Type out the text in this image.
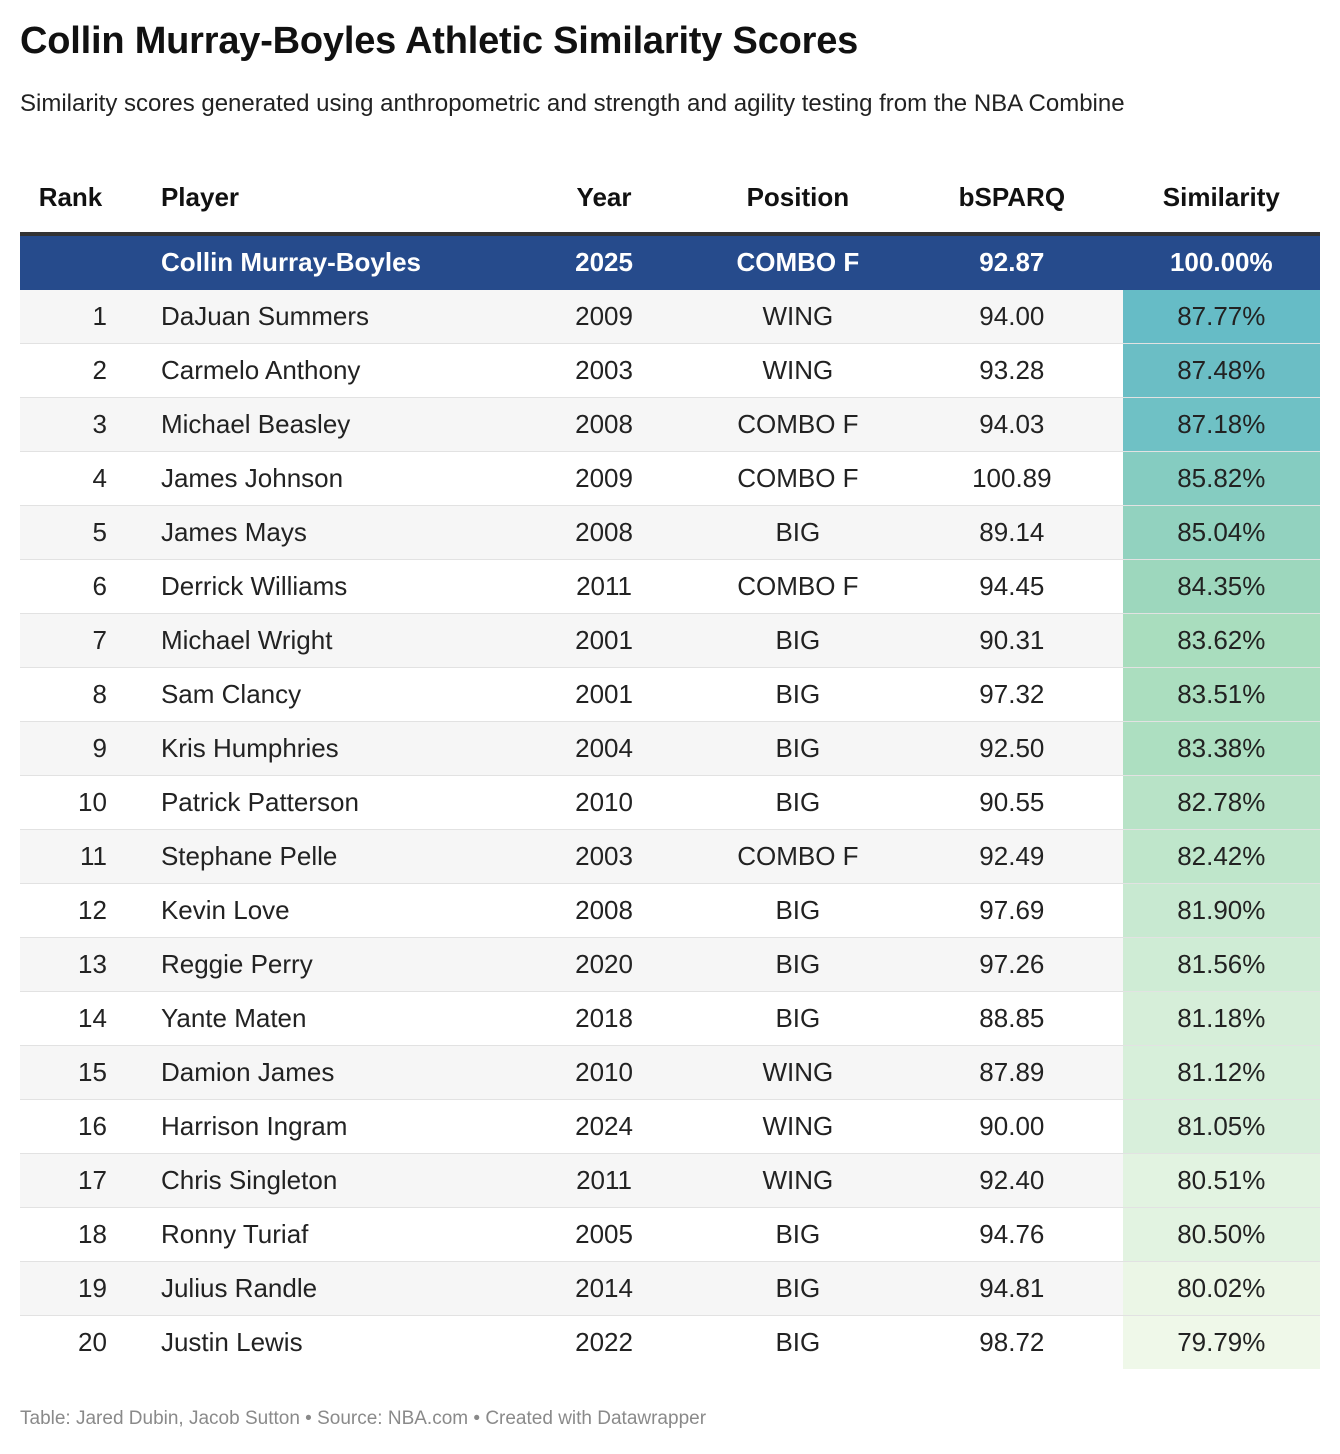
Collin Murray-Boyles Athletic Similarity Scores
Similarity scores generated using anthropometric and strength and agility testing from the NBA Combine
Rank	Player	Year	Position	bSPARQ	Similarity
	Collin Murray-Boyles	2025	COMBO F	92.87	100.00%
1	DaJuan Summers	2009	WING	94.00	87.77%
2	Carmelo Anthony	2003	WING	93.28	87.48%
3	Michael Beasley	2008	COMBO F	94.03	87.18%
4	James Johnson	2009	COMBO F	100.89	85.82%
5	James Mays	2008	BIG	89.14	85.04%
6	Derrick Williams	2011	COMBO F	94.45	84.35%
7	Michael Wright	2001	BIG	90.31	83.62%
8	Sam Clancy	2001	BIG	97.32	83.51%
9	Kris Humphries	2004	BIG	92.50	83.38%
10	Patrick Patterson	2010	BIG	90.55	82.78%
11	Stephane Pelle	2003	COMBO F	92.49	82.42%
12	Kevin Love	2008	BIG	97.69	81.90%
13	Reggie Perry	2020	BIG	97.26	81.56%
14	Yante Maten	2018	BIG	88.85	81.18%
15	Damion James	2010	WING	87.89	81.12%
16	Harrison Ingram	2024	WING	90.00	81.05%
17	Chris Singleton	2011	WING	92.40	80.51%
18	Ronny Turiaf	2005	BIG	94.76	80.50%
19	Julius Randle	2014	BIG	94.81	80.02%
20	Justin Lewis	2022	BIG	98.72	79.79%
Table: Jared Dubin, Jacob Sutton • Source: NBA.com • Created with Datawrapper
